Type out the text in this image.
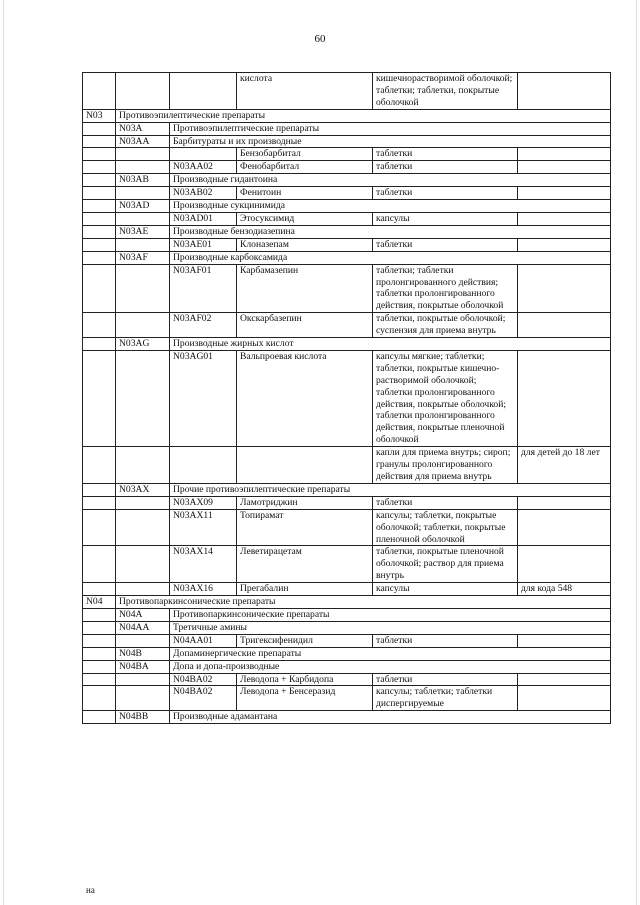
60
			кислота	кишечнорастворимой оболочкой; таблетки; таблетки, покрытые оболочкой	
N03	Противоэпилептические препараты				
	N03A	Противоэпилептические препараты			
	N03AA	Барбитураты и их производные			
			Бензобарбитал	таблетки	
		N03AA02	Фенобарбитал	таблетки	
	N03AB	Производные гидантоина			
		N03AB02	Фенитоин	таблетки	
	N03AD	Производные сукцинимида			
		N03AD01	Этосуксимид	капсулы	
	N03AE	Производные бензодиазепина			
		N03AE01	Клоназепам	таблетки	
	N03AF	Производные карбоксамида			
		N03AF01	Карбамазепин	таблетки; таблетки пролонгированного действия; таблетки пролонгированного действия, покрытые оболочкой	
		N03AF02	Окскарбазепин	таблетки, покрытые оболочкой; суспензия для приема внутрь	
	N03AG	Производные жирных кислот			
		N03AG01	Вальпроевая кислота	капсулы мягкие; таблетки; таблетки, покрытые кишечно-растворимой оболочкой; таблетки пролонгированного действия, покрытые оболочкой; таблетки пролонгированного действия, покрытые пленочной оболочкой	
				капли для приема внутрь; сироп; гранулы пролонгированного действия для приема внутрь	для детей до 18 лет
	N03AX	Прочие противоэпилептические препараты			
		N03AX09	Ламотриджин	таблетки	
		N03AX11	Топирамат	капсулы; таблетки, покрытые оболочкой; таблетки, покрытые пленочной оболочкой	
		N03AX14	Леветирацетам	таблетки, покрытые пленочной оболочкой; раствор для приема внутрь	
		N03AX16	Прегабалин	капсулы	для кода 548
N04	Противопаркинсонические препараты				
	N04A	Противопаркинсонические препараты			
	N04AA	Третичные амины			
		N04AA01	Тригексифенидил	таблетки	
	N04B	Допаминергические препараты			
	N04BA	Допа и допа-производные			
		N04BA02	Леводопа + Карбидопа	таблетки	
		N04BA02	Леводопа + Бенсеразид	капсулы; таблетки; таблетки диспергируемые	
	N04BB	Производные адамантана			
на
